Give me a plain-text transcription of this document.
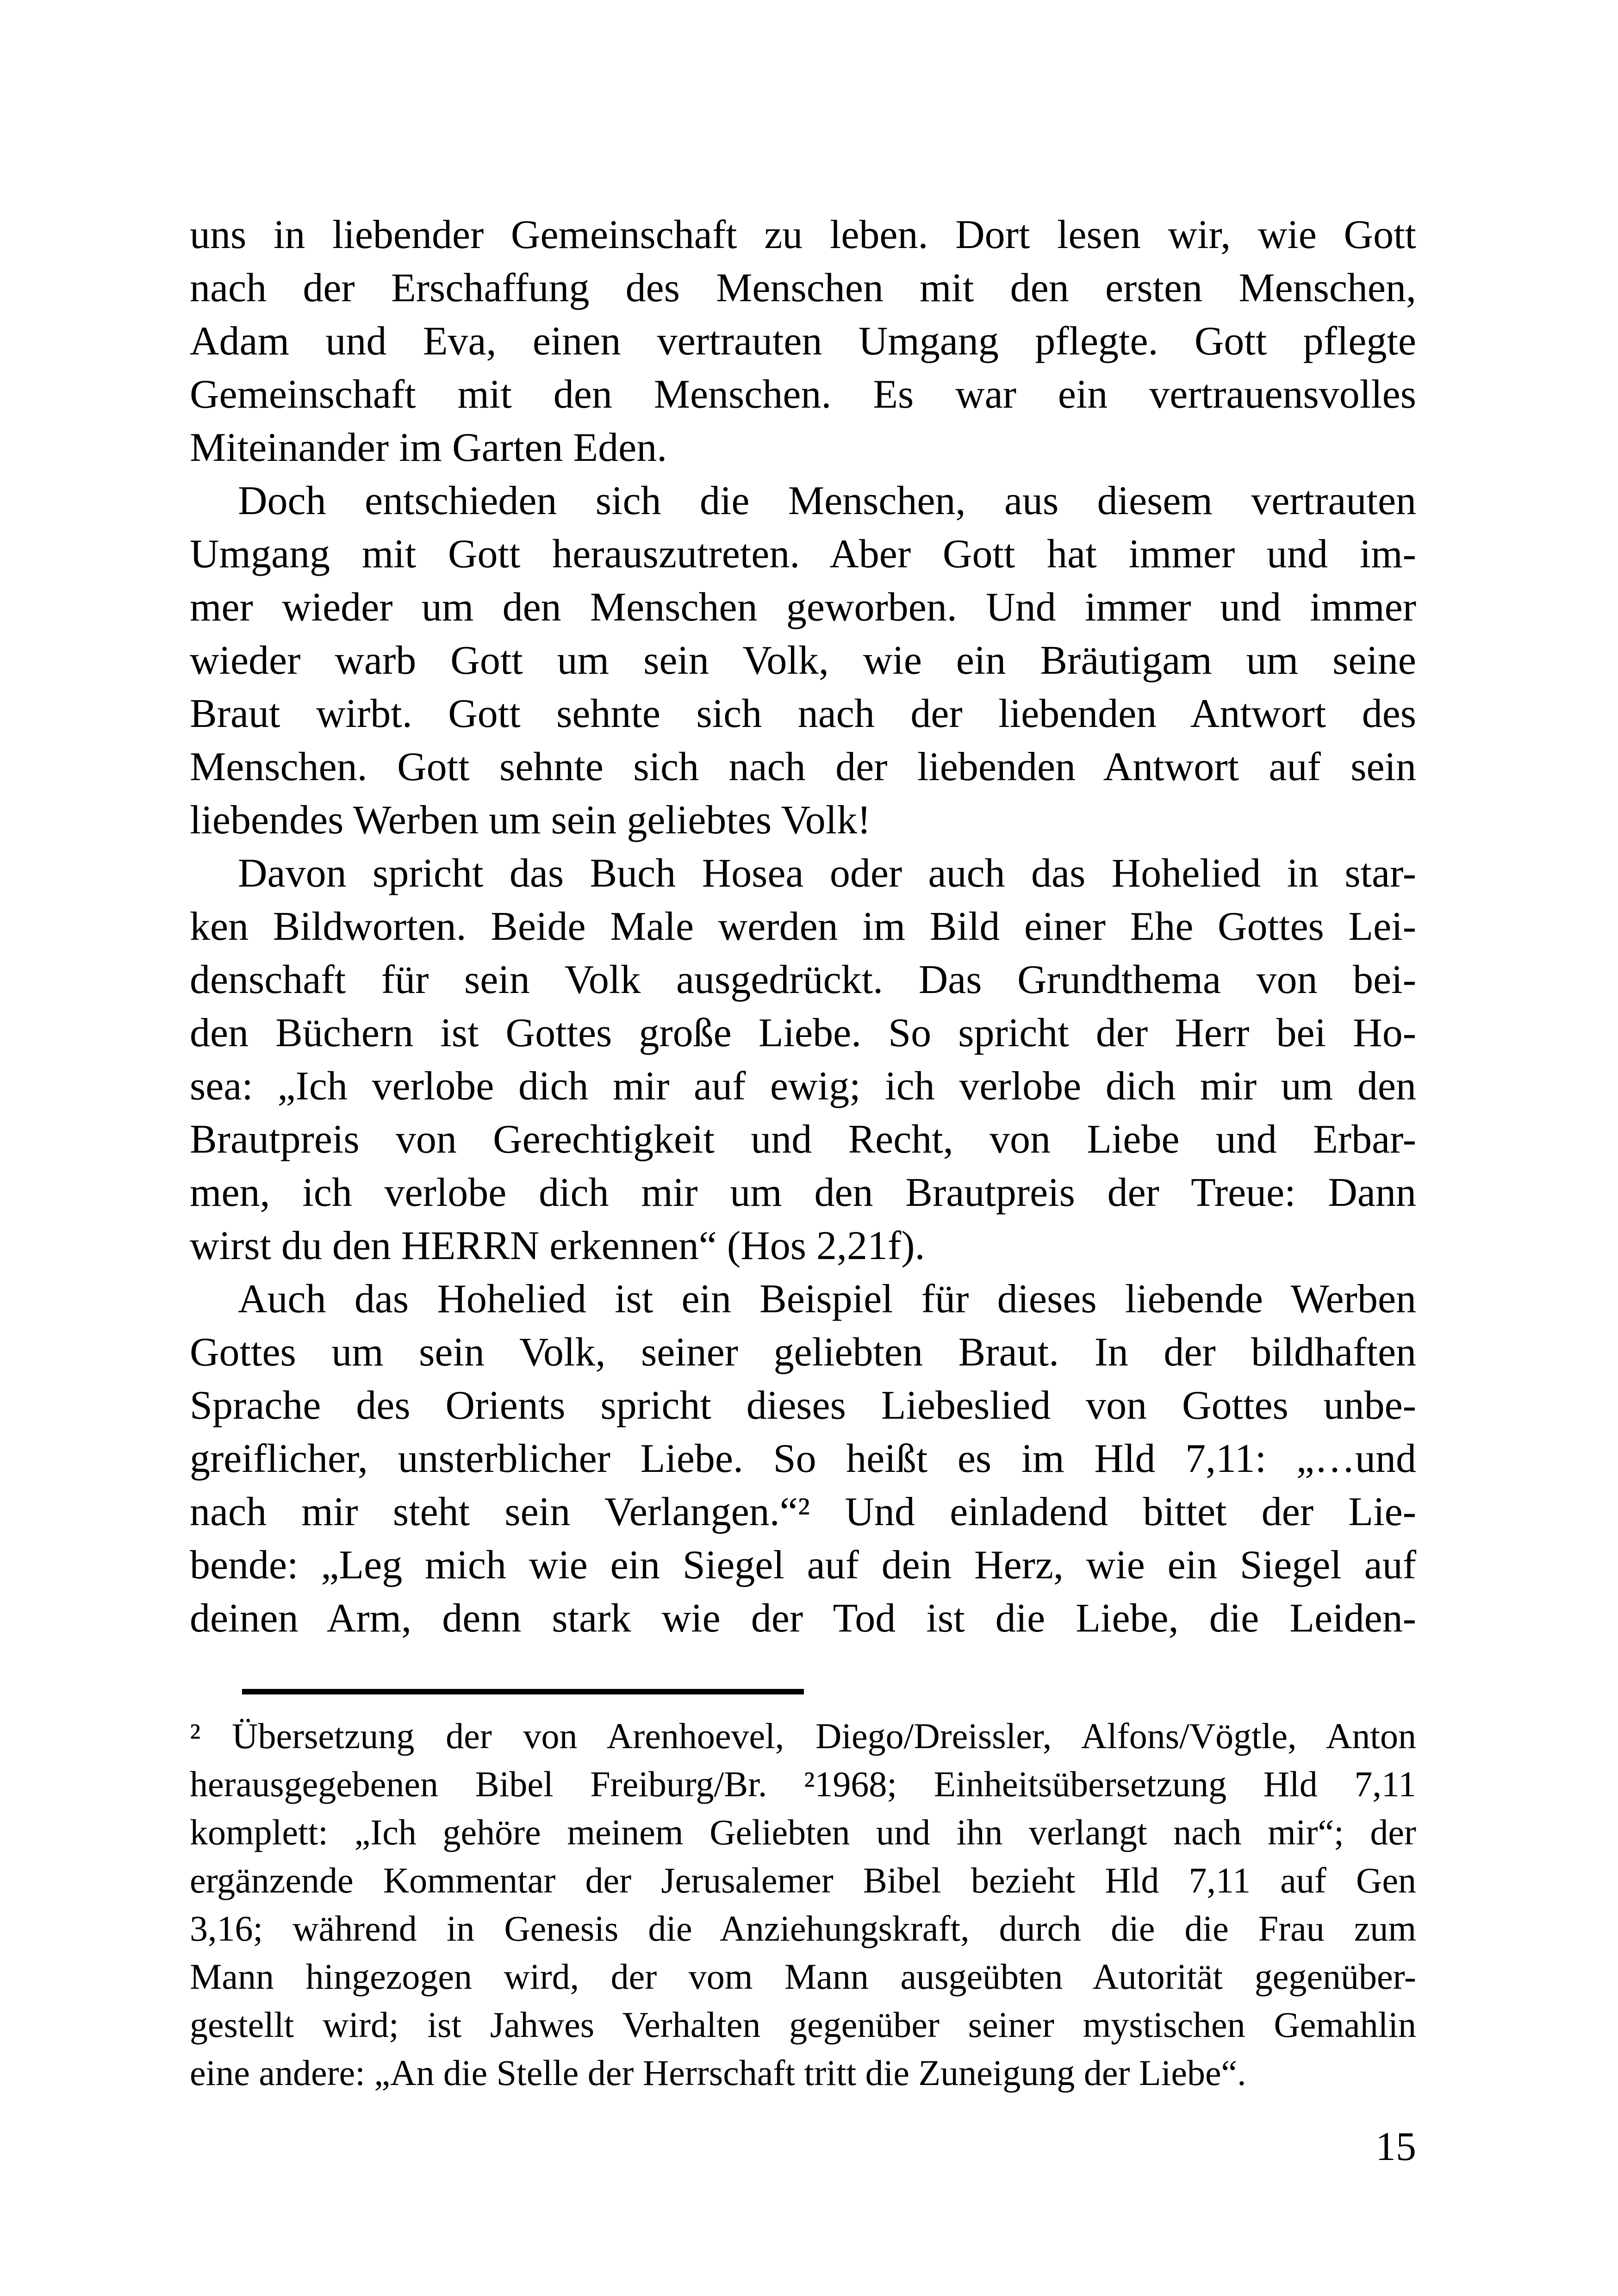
uns in liebender Gemeinschaft zu leben. Dort lesen wir, wie Gott
nach der Erschaffung des Menschen mit den ersten Menschen,
Adam und Eva, einen vertrauten Umgang pflegte. Gott pflegte
Gemeinschaft mit den Menschen. Es war ein vertrauensvolles
Miteinander im Garten Eden.
Doch entschieden sich die Menschen, aus diesem vertrauten
Umgang mit Gott herauszutreten. Aber Gott hat immer und im-
mer wieder um den Menschen geworben. Und immer und immer
wieder warb Gott um sein Volk, wie ein Bräutigam um seine
Braut wirbt. Gott sehnte sich nach der liebenden Antwort des
Menschen. Gott sehnte sich nach der liebenden Antwort auf sein
liebendes Werben um sein geliebtes Volk!
Davon spricht das Buch Hosea oder auch das Hohelied in star-
ken Bildworten. Beide Male werden im Bild einer Ehe Gottes Lei-
denschaft für sein Volk ausgedrückt. Das Grundthema von bei-
den Büchern ist Gottes große Liebe. So spricht der Herr bei Ho-
sea: „Ich verlobe dich mir auf ewig; ich verlobe dich mir um den
Brautpreis von Gerechtigkeit und Recht, von Liebe und Erbar-
men, ich verlobe dich mir um den Brautpreis der Treue: Dann
wirst du den HERRN erkennen“ (Hos 2,21f).
Auch das Hohelied ist ein Beispiel für dieses liebende Werben
Gottes um sein Volk, seiner geliebten Braut. In der bildhaften
Sprache des Orients spricht dieses Liebeslied von Gottes unbe-
greiflicher, unsterblicher Liebe. So heißt es im Hld 7,11: „…und
nach mir steht sein Verlangen.“² Und einladend bittet der Lie-
bende: „Leg mich wie ein Siegel auf dein Herz, wie ein Siegel auf
deinen Arm, denn stark wie der Tod ist die Liebe, die Leiden-
² Übersetzung der von Arenhoevel, Diego/Dreissler, Alfons/Vögtle, Anton
herausgegebenen Bibel Freiburg/Br. ²1968; Einheitsübersetzung Hld 7,11
komplett: „Ich gehöre meinem Geliebten und ihn verlangt nach mir“; der
ergänzende Kommentar der Jerusalemer Bibel bezieht Hld 7,11 auf Gen
3,16; während in Genesis die Anziehungskraft, durch die die Frau zum
Mann hingezogen wird, der vom Mann ausgeübten Autorität gegenüber-
gestellt wird; ist Jahwes Verhalten gegenüber seiner mystischen Gemahlin
eine andere: „An die Stelle der Herrschaft tritt die Zuneigung der Liebe“.
15
